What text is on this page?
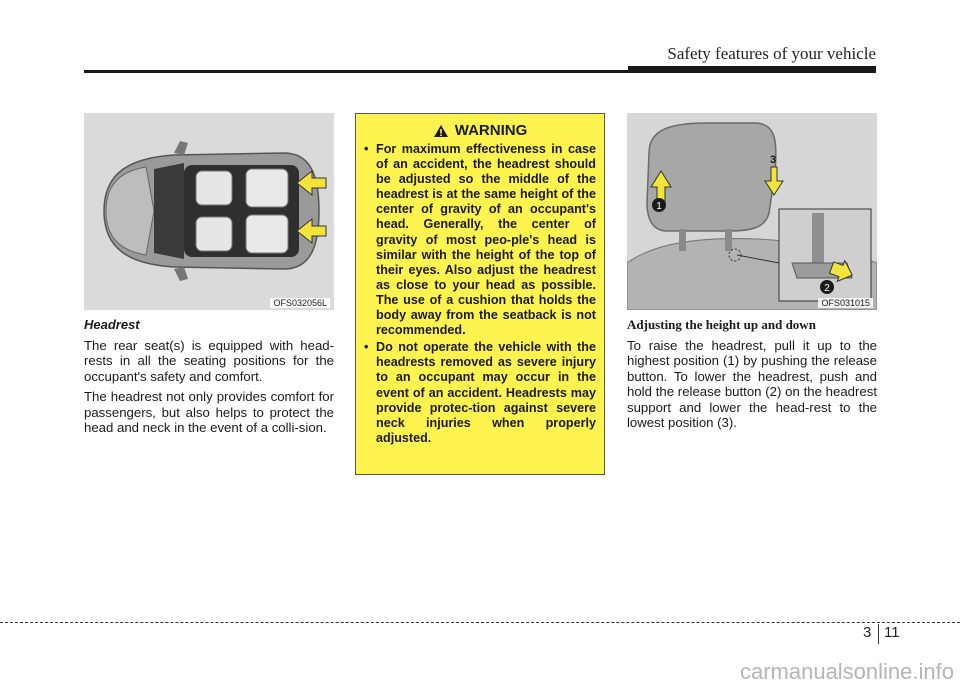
Safety features of your vehicle
OFS032056L

Headrest

The rear seat(s) is equipped with head-rests in all the seating positions for the occupant's safety and comfort.

The headrest not only provides comfort for passengers, but also helps to protect the head and neck in the event of a colli-sion.

WARNING
• For maximum effectiveness in case of an accident, the headrest should be adjusted so the middle of the headrest is at the same height of the center of gravity of an occupant's head. Generally, the center of gravity of most peo-ple's head is similar with the height of the top of their eyes. Also adjust the headrest as close to your head as possible. The use of a cushion that holds the body away from the seatback is not recommended.
• Do not operate the vehicle with the headrests removed as severe injury to an occupant may occur in the event of an accident. Headrests may provide protec-tion against severe neck injuries when properly adjusted.
1
2
3
OFS031015

Adjusting the height up and down

To raise the headrest, pull it up to the highest position (1) by pushing the release button. To lower the headrest, push and hold the release button (2) on the headrest support and lower the head-rest to the lowest position (3).

3 11
carmanualsonline.info
